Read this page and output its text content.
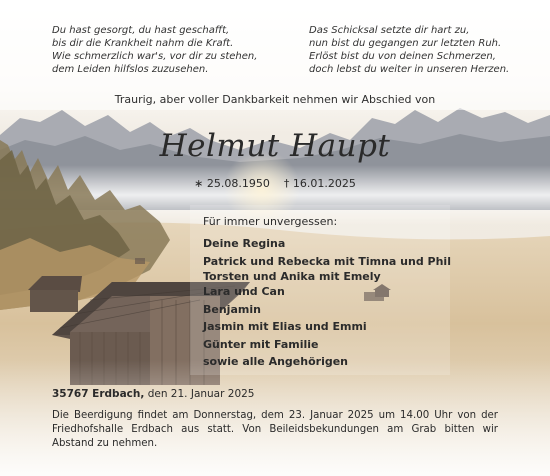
Du hast gesorgt, du hast geschafft,
bis dir die Krankheit nahm die Kraft.
Wie schmerzlich war's, vor dir zu stehen,
dem Leiden hilfslos zuzusehen.
Das Schicksal setzte dir hart zu,
nun bist du gegangen zur letzten Ruh.
Erlöst bist du von deinen Schmerzen,
doch lebst du weiter in unseren Herzen.
Traurig, aber voller Dankbarkeit nehmen wir Abschied von
Helmut Haupt
∗ 25.08.1950 † 16.01.2025
Für immer unvergessen:
Deine Regina
Patrick und Rebecka mit Timna und Phil
Torsten und Anika mit Emely
Lara und Can
Benjamin
Jasmin mit Elias und Emmi
Günter mit Familie
sowie alle Angehörigen
35767 Erdbach, den 21. Januar 2025
Die Beerdigung findet am Donnerstag, dem 23. Januar 2025 um 14.00 Uhr von der Friedhofshalle Erdbach aus statt. Von Beileidsbekundungen am Grab bitten wir Abstand zu nehmen.
